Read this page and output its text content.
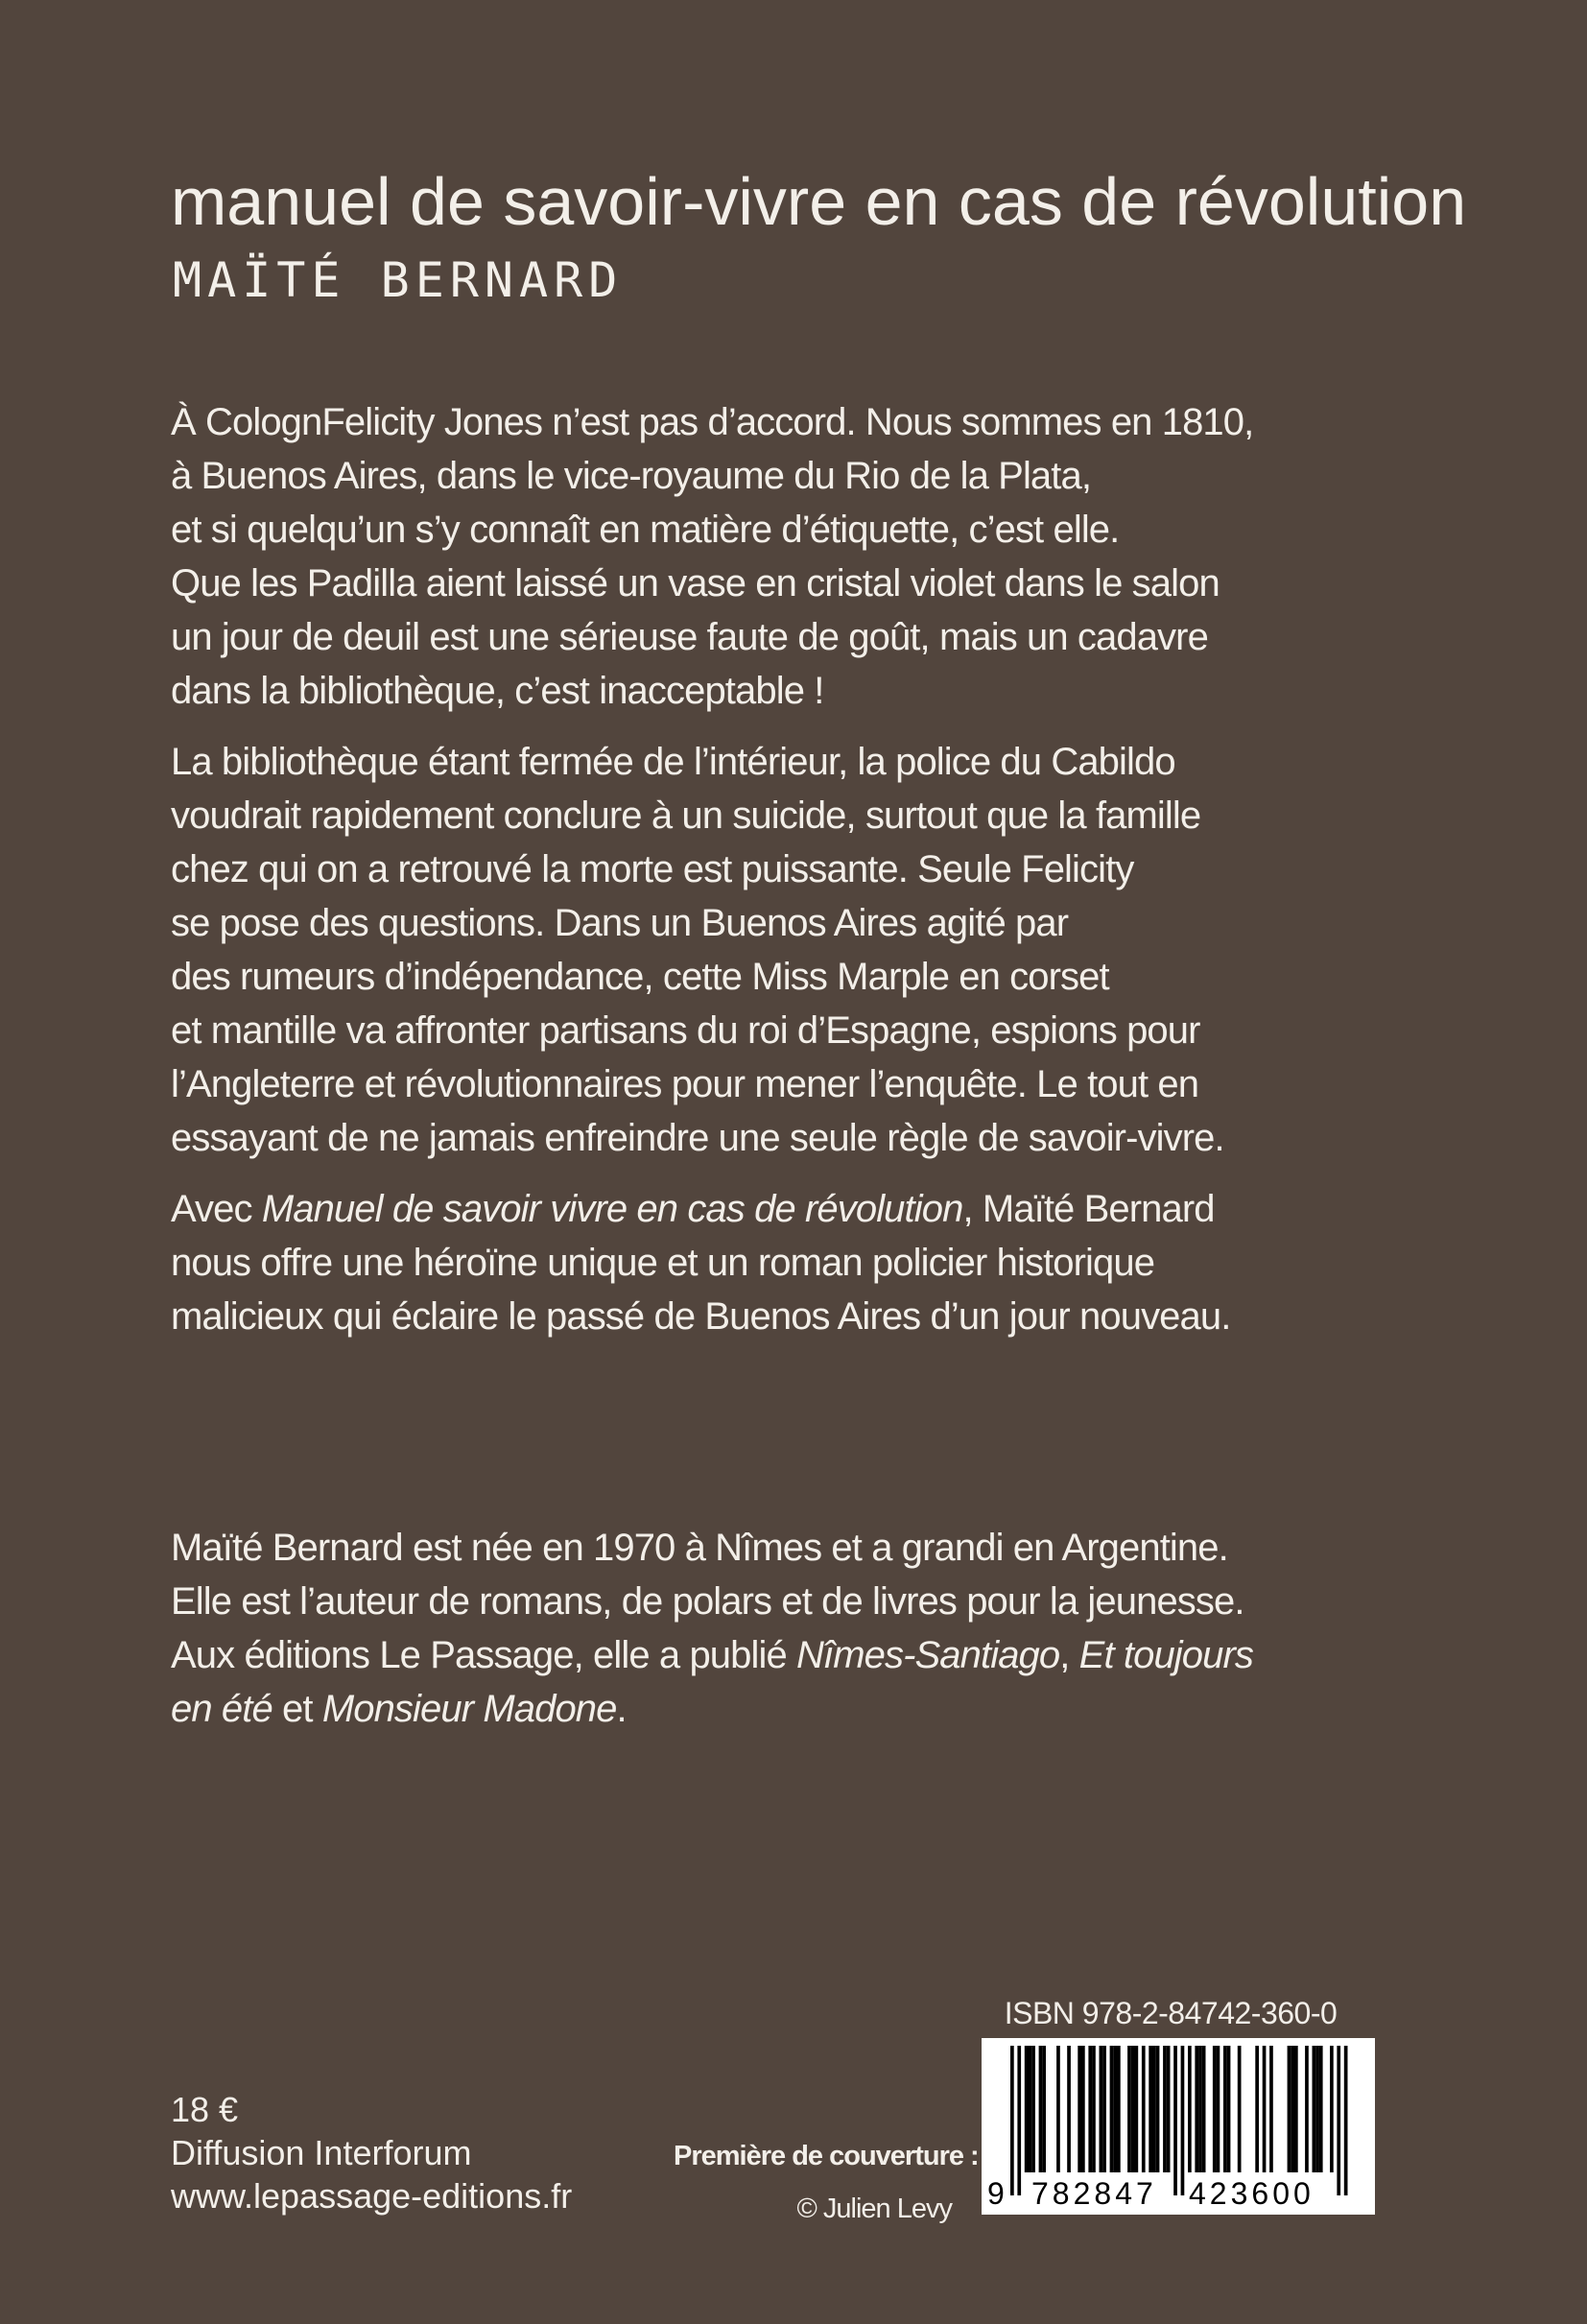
manuel de savoir-vivre en cas de révolution
MAÏTÉ BERNARD

À ColognFelicity Jones n’est pas d’accord. Nous sommes en 1810,
à Buenos Aires, dans le vice-royaume du Rio de la Plata,
et si quelqu’un s’y connaît en matière d’étiquette, c’est elle.
Que les Padilla aient laissé un vase en cristal violet dans le salon
un jour de deuil est une sérieuse faute de goût, mais un cadavre
dans la bibliothèque, c’est inacceptable !

La bibliothèque étant fermée de l’intérieur, la police du Cabildo
voudrait rapidement conclure à un suicide, surtout que la famille
chez qui on a retrouvé la morte est puissante. Seule Felicity
se pose des questions. Dans un Buenos Aires agité par
des rumeurs d’indépendance, cette Miss Marple en corset
et mantille va affronter partisans du roi d’Espagne, espions pour
l’Angleterre et révolutionnaires pour mener l’enquête. Le tout en
essayant de ne jamais enfreindre une seule règle de savoir-vivre.

Avec Manuel de savoir vivre en cas de révolution, Maïté Bernard
nous offre une héroïne unique et un roman policier historique
malicieux qui éclaire le passé de Buenos Aires d’un jour nouveau.

Maïté Bernard est née en 1970 à Nîmes et a grandi en Argentine.
Elle est l’auteur de romans, de polars et de livres pour la jeunesse.
Aux éditions Le Passage, elle a publié Nîmes-Santiago, Et toujours
en été et Monsieur Madone.

18 €
Diffusion Interforum
www.lepassage-editions.fr
Première de couverture :
© Julien Levy
ISBN 978-2-84742-360-0
9 782847 423600
